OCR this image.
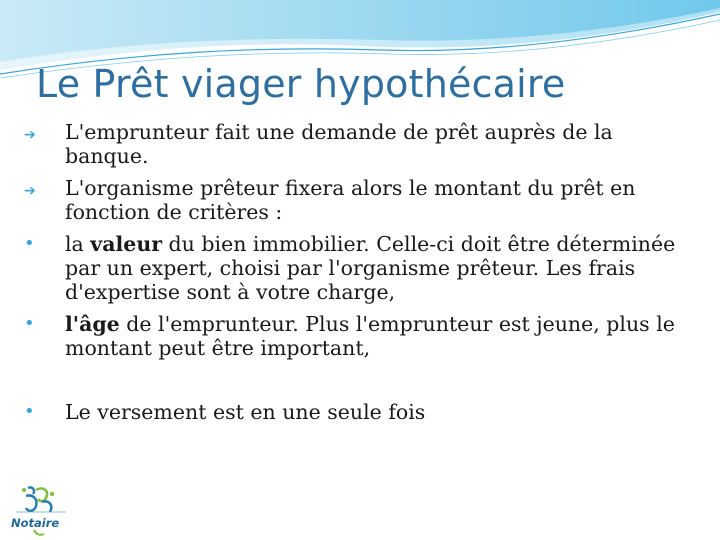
Le Prêt viager hypothécaire
➔ L'emprunteur fait une demande de prêt auprès de la banque.
➔ L'organisme prêteur fixera alors le montant du prêt en fonction de critères :
• la valeur du bien immobilier. Celle-ci doit être déterminée par un expert, choisi par l'organisme prêteur. Les frais d'expertise sont à votre charge,
• l'âge de l'emprunteur. Plus l'emprunteur est jeune, plus le montant peut être important,
• Le versement est en une seule fois
Notaire
